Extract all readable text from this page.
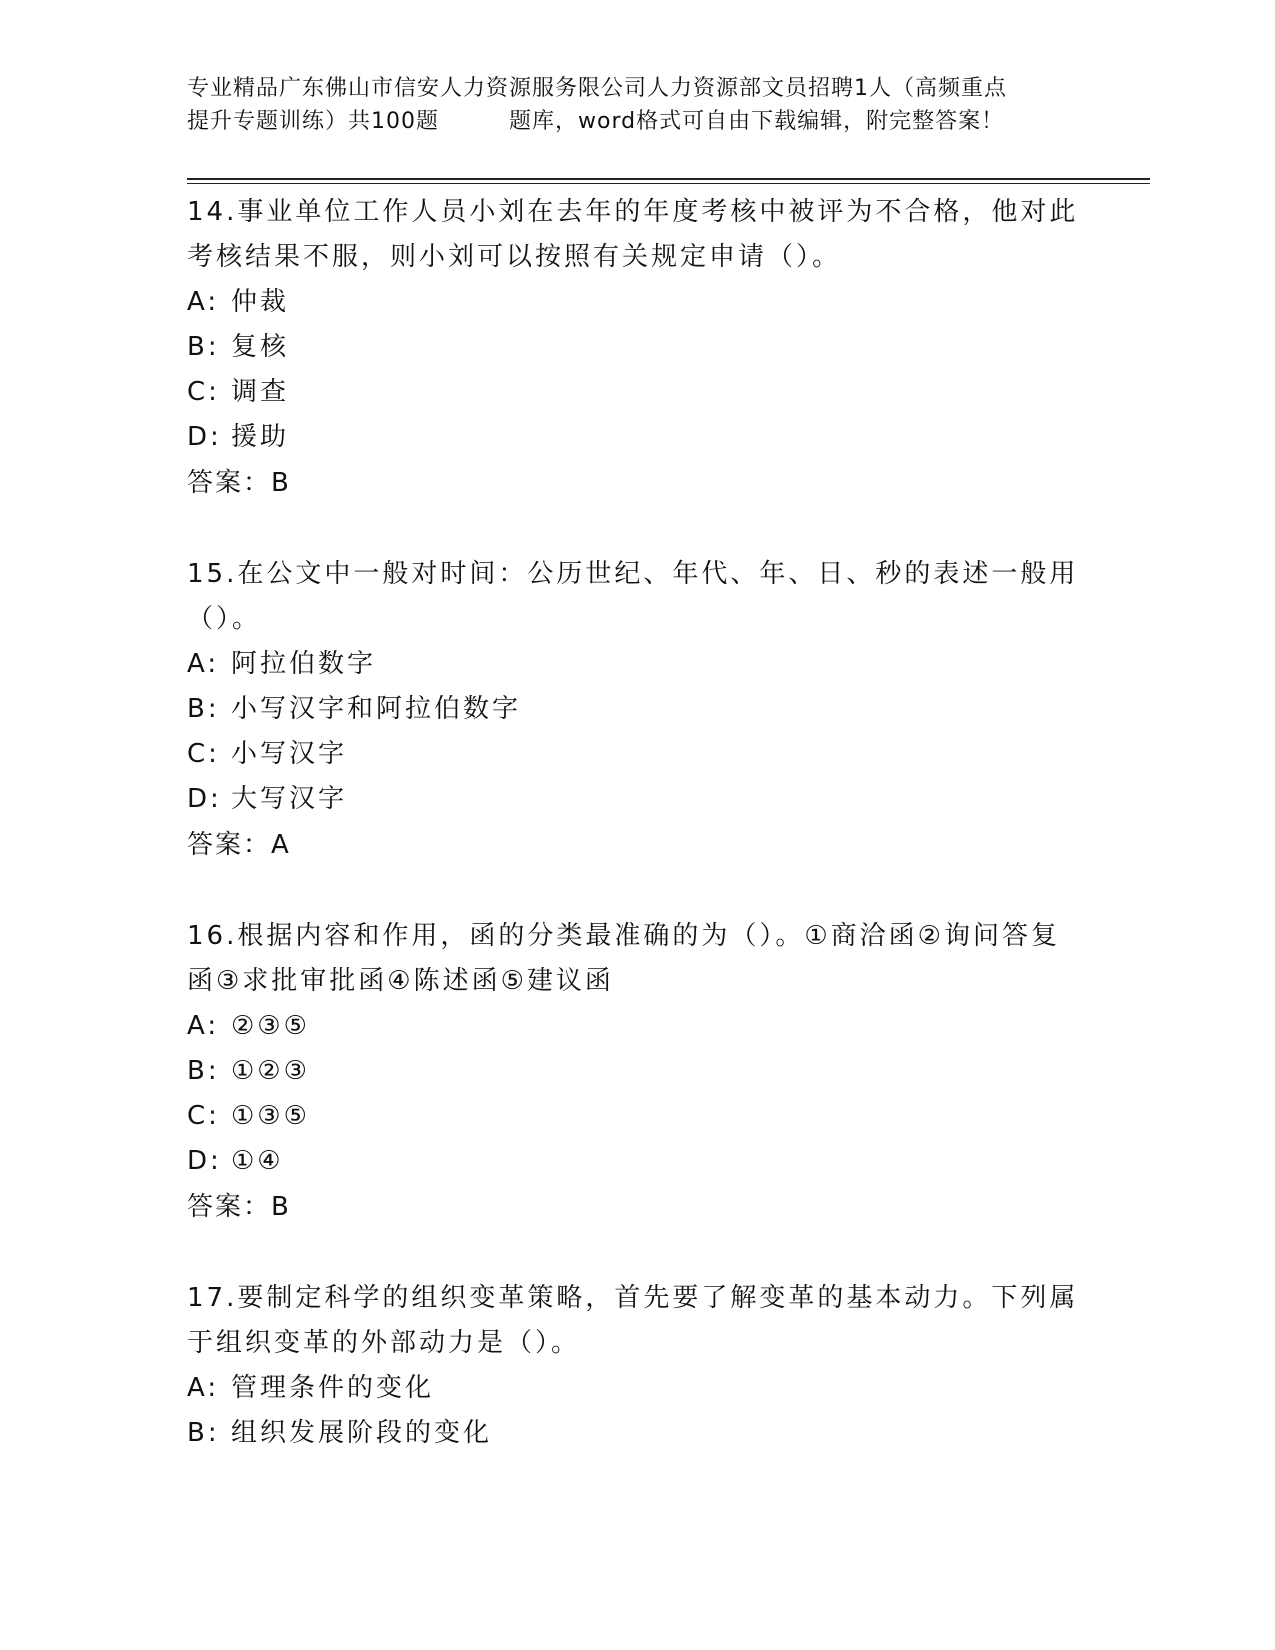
专业精品广东佛山市信安人力资源服务限公司人力资源部文员招聘1人（高频重点
提升专题训练）共100题	题库，word格式可自由下载编辑，附完整答案！

14.事业单位工作人员小刘在去年的年度考核中被评为不合格，他对此考核结果不服，则小刘可以按照有关规定申请（）。

A: 仲裁

B: 复核

C: 调查

D: 援助

答案：B

15.在公文中一般对时间：公历世纪、年代、年、日、秒的表述一般用（）。

A: 阿拉伯数字

B: 小写汉字和阿拉伯数字

C: 小写汉字

D: 大写汉字

答案：A

16.根据内容和作用，函的分类最准确的为（）。①商洽函②询问答复函③求批审批函④陈述函⑤建议函

A: ②③⑤

B: ①②③

C: ①③⑤

D: ①④

答案：B

17.要制定科学的组织变革策略，首先要了解变革的基本动力。下列属于组织变革的外部动力是（）。

A: 管理条件的变化

B: 组织发展阶段的变化
